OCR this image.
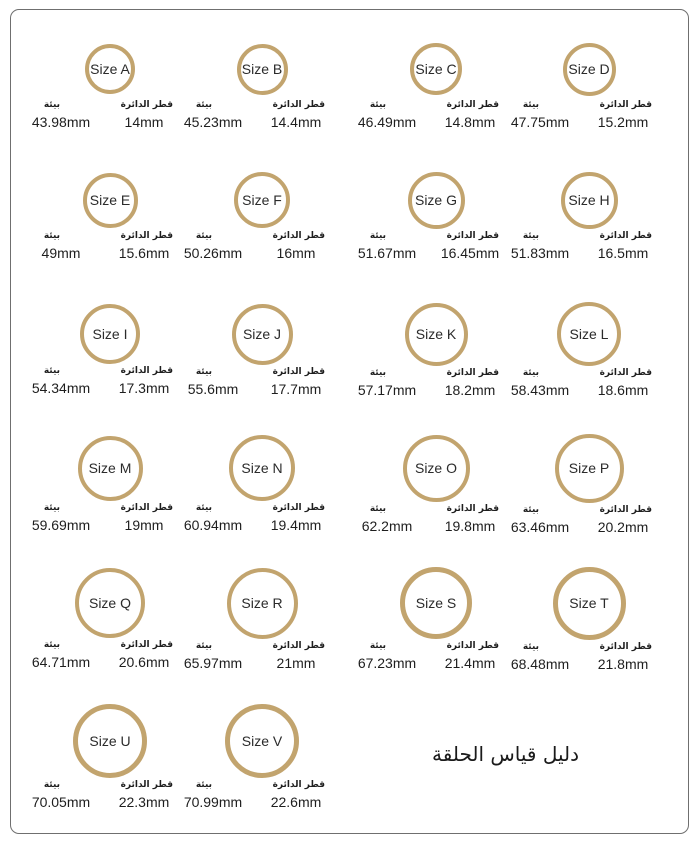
Size A
بيئة	قطر الدائرة
43.98mm	14mm
Size B
بيئة	قطر الدائرة
45.23mm	14.4mm
Size C
بيئة	قطر الدائرة
46.49mm	14.8mm
Size D
بيئة	قطر الدائرة
47.75mm	15.2mm
Size E
بيئة	قطر الدائرة
49mm	15.6mm
Size F
بيئة	قطر الدائرة
50.26mm	16mm
Size G
بيئة	قطر الدائرة
51.67mm	16.45mm
Size H
بيئة	قطر الدائرة
51.83mm	16.5mm
Size I
بيئة	قطر الدائرة
54.34mm	17.3mm
Size J
بيئة	قطر الدائرة
55.6mm	17.7mm
Size K
بيئة	قطر الدائرة
57.17mm	18.2mm
Size L
بيئة	قطر الدائرة
58.43mm	18.6mm
Size M
بيئة	قطر الدائرة
59.69mm	19mm
Size N
بيئة	قطر الدائرة
60.94mm	19.4mm
Size O
بيئة	قطر الدائرة
62.2mm	19.8mm
Size P
بيئة	قطر الدائرة
63.46mm	20.2mm
Size Q
بيئة	قطر الدائرة
64.71mm	20.6mm
Size R
بيئة	قطر الدائرة
65.97mm	21mm
Size S
بيئة	قطر الدائرة
67.23mm	21.4mm
Size T
بيئة	قطر الدائرة
68.48mm	21.8mm
Size U
بيئة	قطر الدائرة
70.05mm	22.3mm
Size V
بيئة	قطر الدائرة
70.99mm	22.6mm
دليل قياس الحلقة
